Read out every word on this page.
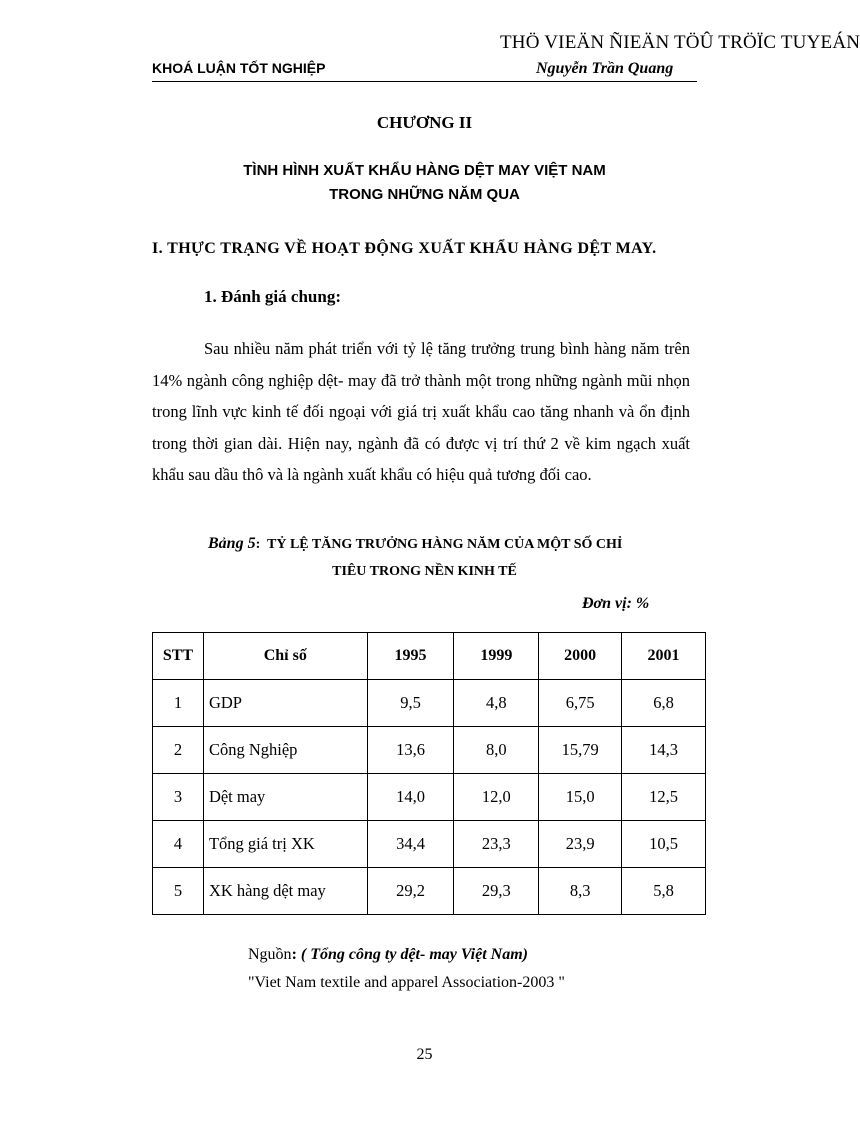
THÖ VIEÄN ÑIEÄN TÖÛ TRÖÏC TUYEÁN
KHOÁ LUẬN TỐT NGHIỆP	Nguyễn Trần Quang
CHƯƠNG II
TÌNH HÌNH XUẤT KHẨU HÀNG DỆT MAY VIỆT NAM
TRONG NHỮNG NĂM QUA
I. THỰC TRẠNG VỀ HOẠT ĐỘNG XUẤT KHẨU HÀNG DỆT MAY.
1. Đánh giá chung:
Sau nhiều năm phát triển với tỷ lệ tăng trưởng trung bình hàng năm trên 14% ngành công nghiệp dệt- may đã trở thành một trong những ngành mũi nhọn trong lĩnh vực kinh tế đối ngoại với giá trị xuất khẩu cao tăng nhanh và ổn định trong thời gian dài. Hiện nay, ngành đã có được vị trí thứ 2 về kim ngạch xuất khẩu sau dầu thô và là ngành xuất khẩu có hiệu quả tương đối cao.
Bảng 5: TỶ LỆ TĂNG TRƯỞNG HÀNG NĂM CỦA MỘT SỐ CHỈ
TIÊU TRONG NỀN KINH TẾ
Đơn vị: %
STT	Chỉ số	1995	1999	2000	2001
1	GDP	9,5	4,8	6,75	6,8
2	Công Nghiệp	13,6	8,0	15,79	14,3
3	Dệt may	14,0	12,0	15,0	12,5
4	Tổng giá trị XK	34,4	23,3	23,9	10,5
5	XK hàng dệt may	29,2	29,3	8,3	5,8
Nguồn: ( Tổng công ty dệt- may Việt Nam)
"Viet Nam textile and apparel Association-2003 "
25
